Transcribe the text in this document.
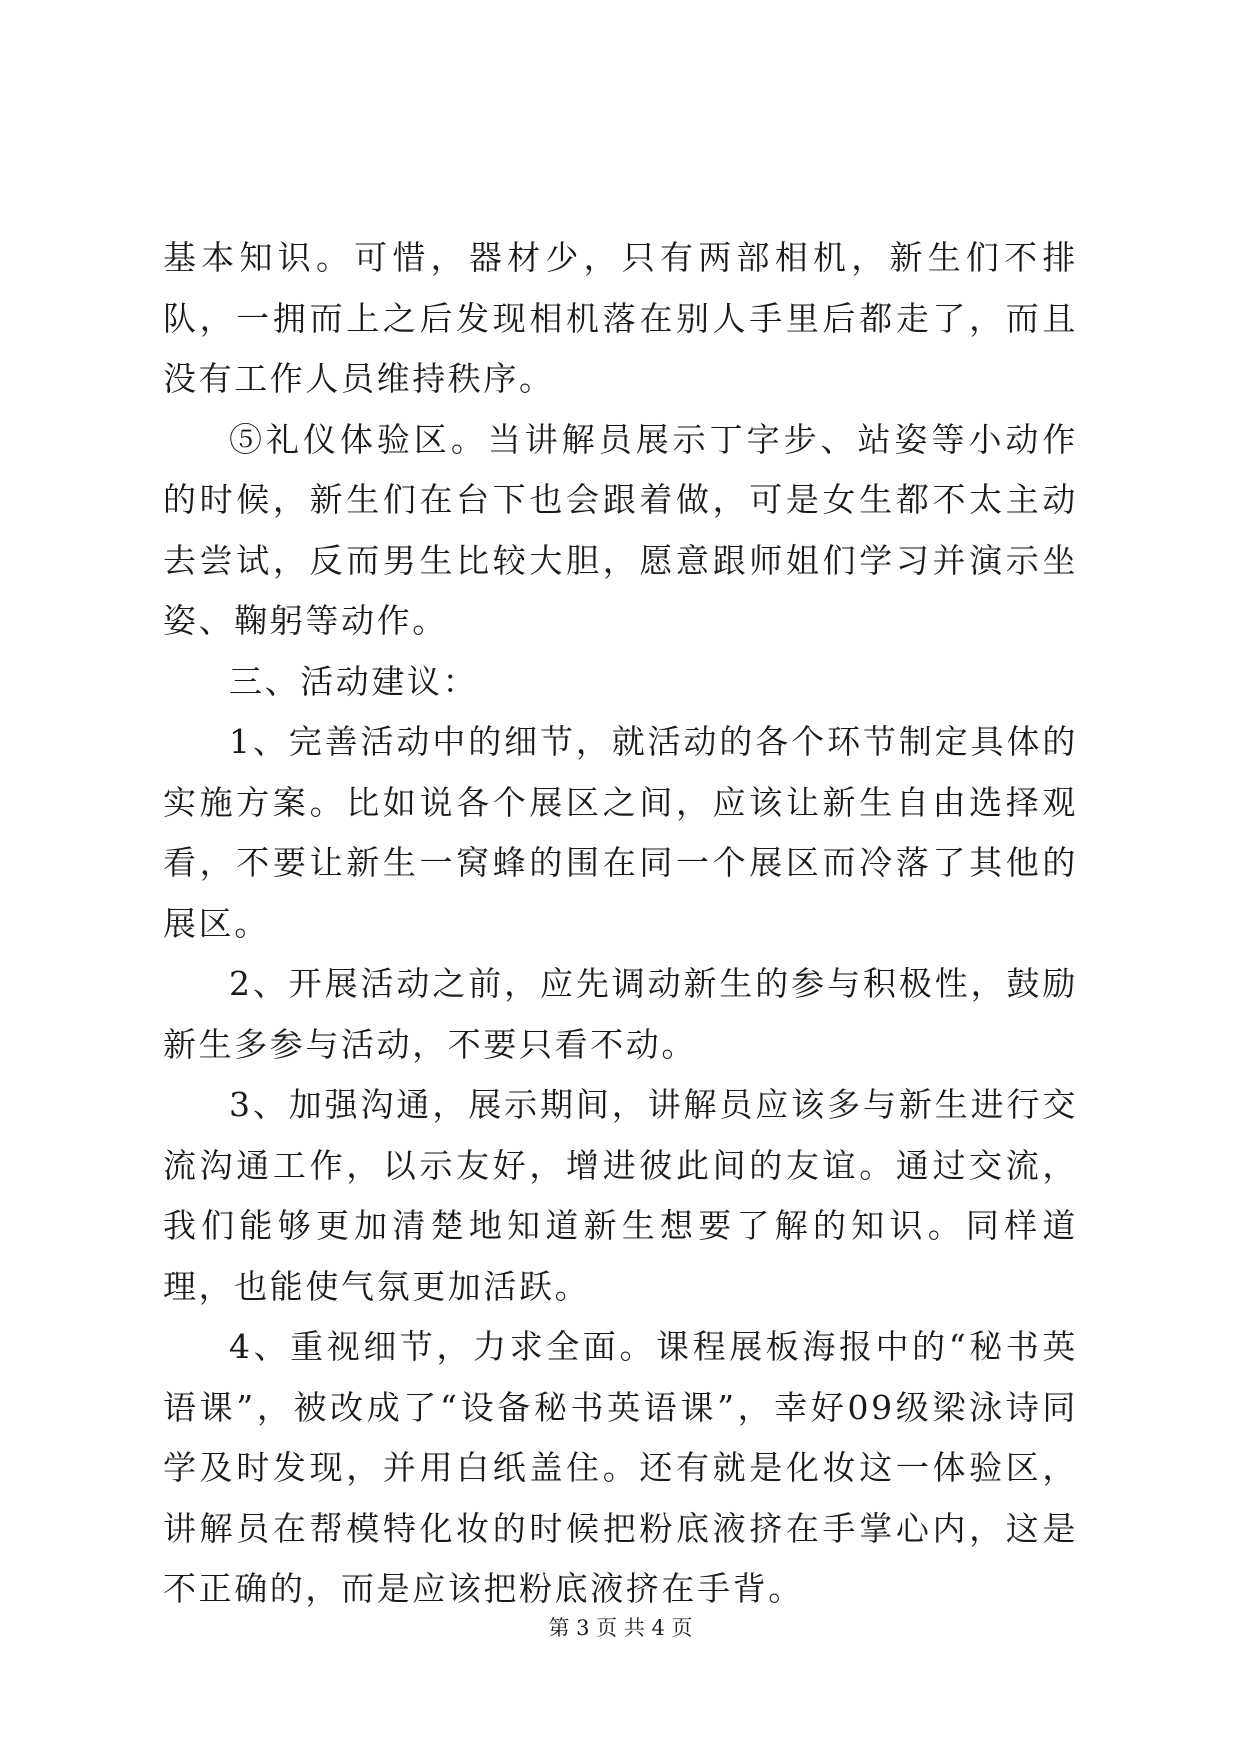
基本知识。可惜，器材少，只有两部相机，新生们不排队，一拥而上之后发现相机落在别人手里后都走了，而且没有工作人员维持秩序。

⑤礼仪体验区。当讲解员展示丁字步、站姿等小动作的时候，新生们在台下也会跟着做，可是女生都不太主动去尝试，反而男生比较大胆，愿意跟师姐们学习并演示坐姿、鞠躬等动作。

三、活动建议：

1、完善活动中的细节，就活动的各个环节制定具体的实施方案。比如说各个展区之间，应该让新生自由选择观看，不要让新生一窝蜂的围在同一个展区而冷落了其他的展区。

2、开展活动之前，应先调动新生的参与积极性，鼓励新生多参与活动，不要只看不动。

3、加强沟通，展示期间，讲解员应该多与新生进行交流沟通工作，以示友好，增进彼此间的友谊。通过交流，我们能够更加清楚地知道新生想要了解的知识。同样道理，也能使气氛更加活跃。

4、重视细节，力求全面。课程展板海报中的“秘书英语课”，被改成了“设备秘书英语课”，幸好09级梁泳诗同学及时发现，并用白纸盖住。还有就是化妆这一体验区，讲解员在帮模特化妆的时候把粉底液挤在手掌心内，这是不正确的，而是应该把粉底液挤在手背。

第 3 页 共 4 页
